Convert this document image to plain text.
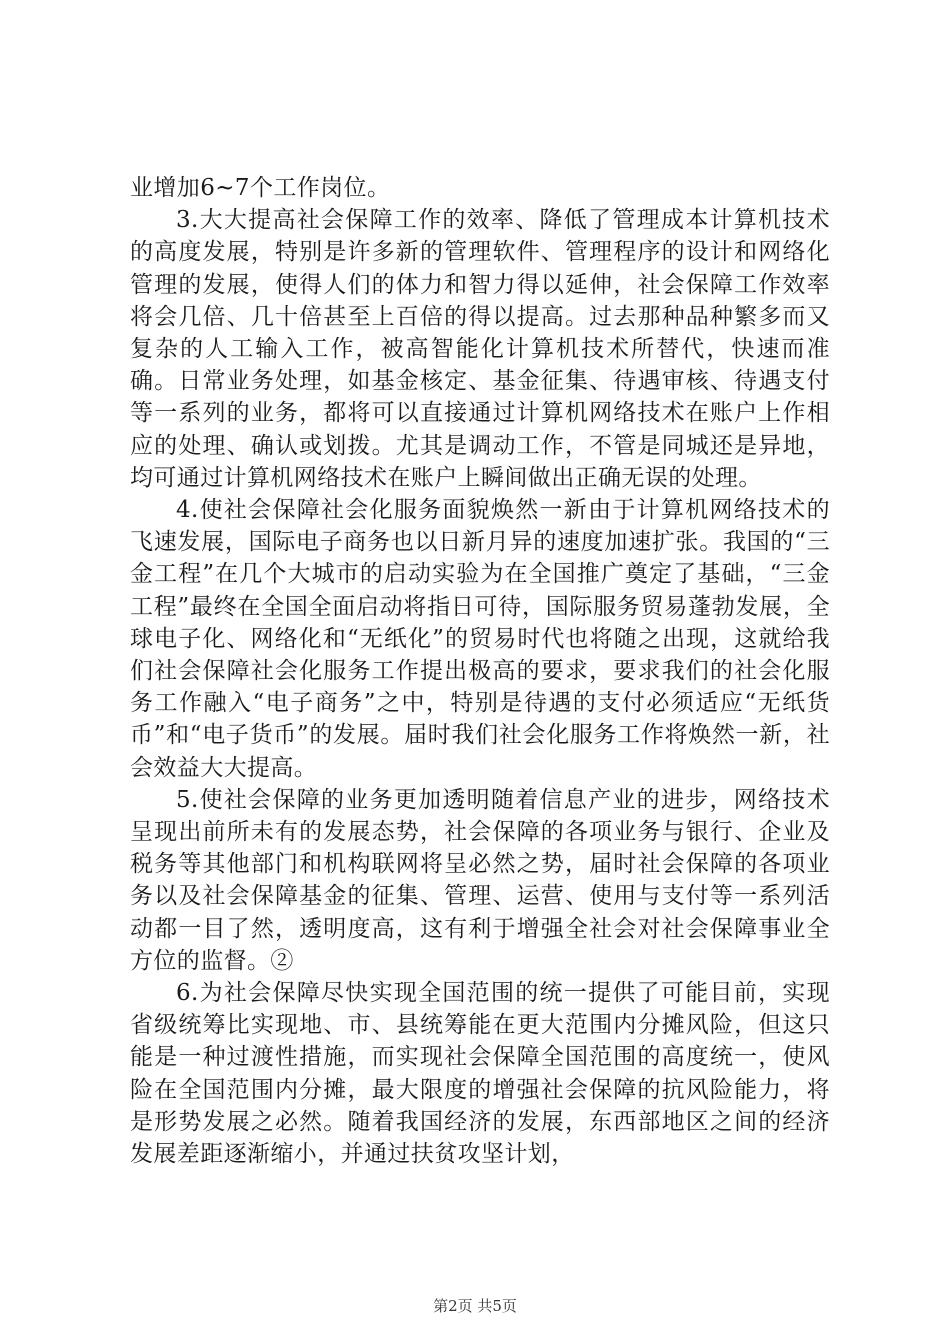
业增加6~7个工作岗位。

3.大大提高社会保障工作的效率、降低了管理成本计算机技术的高度发展，特别是许多新的管理软件、管理程序的设计和网络化管理的发展，使得人们的体力和智力得以延伸，社会保障工作效率将会几倍、几十倍甚至上百倍的得以提高。过去那种品种繁多而又复杂的人工输入工作，被高智能化计算机技术所替代，快速而准确。日常业务处理，如基金核定、基金征集、待遇审核、待遇支付等一系列的业务，都将可以直接通过计算机网络技术在账户上作相应的处理、确认或划拨。尤其是调动工作，不管是同城还是异地，均可通过计算机网络技术在账户上瞬间做出正确无误的处理。

4.使社会保障社会化服务面貌焕然一新由于计算机网络技术的飞速发展，国际电子商务也以日新月异的速度加速扩张。我国的“三金工程”在几个大城市的启动实验为在全国推广奠定了基础，“三金工程”最终在全国全面启动将指日可待，国际服务贸易蓬勃发展，全球电子化、网络化和“无纸化”的贸易时代也将随之出现，这就给我们社会保障社会化服务工作提出极高的要求，要求我们的社会化服务工作融入“电子商务”之中，特别是待遇的支付必须适应“无纸货币”和“电子货币”的发展。届时我们社会化服务工作将焕然一新，社会效益大大提高。

5.使社会保障的业务更加透明随着信息产业的进步，网络技术呈现出前所未有的发展态势，社会保障的各项业务与银行、企业及税务等其他部门和机构联网将呈必然之势，届时社会保障的各项业务以及社会保障基金的征集、管理、运营、使用与支付等一系列活动都一目了然，透明度高，这有利于增强全社会对社会保障事业全方位的监督。②

6.为社会保障尽快实现全国范围的统一提供了可能目前，实现省级统筹比实现地、市、县统筹能在更大范围内分摊风险，但这只能是一种过渡性措施，而实现社会保障全国范围的高度统一，使风险在全国范围内分摊，最大限度的增强社会保障的抗风险能力，将是形势发展之必然。随着我国经济的发展，东西部地区之间的经济发展差距逐渐缩小，并通过扶贫攻坚计划，

第2页 共5页
